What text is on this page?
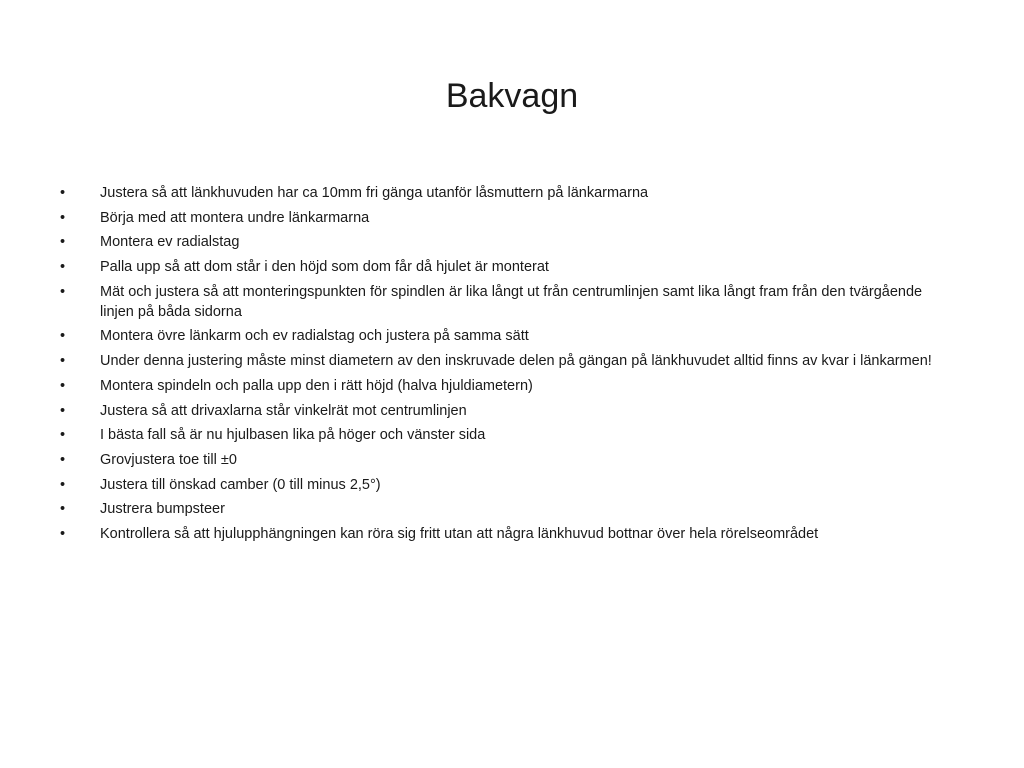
Bakvagn
•	Justera så att länkhuvuden har ca 10mm fri gänga utanför låsmuttern på länkarmarna
•	Börja med att montera undre länkarmarna
•	Montera ev radialstag
•	Palla upp så att dom står i den höjd som dom får då hjulet är monterat
•	Mät och justera så att monteringspunkten för spindlen är lika långt ut från centrumlinjen samt lika långt fram från den tvärgående linjen på båda sidorna
•	Montera övre länkarm och ev radialstag och justera på samma sätt
•	Under denna justering måste minst diametern av den inskruvade delen på gängan på länkhuvudet alltid finns av kvar i länkarmen!
•	Montera spindeln och palla upp den i rätt höjd (halva hjuldiametern)
•	Justera så att drivaxlarna står vinkelrät mot centrumlinjen
•	I bästa fall så är nu hjulbasen lika på höger och vänster sida
•	Grovjustera toe till ±0
•	Justera till önskad camber (0 till minus 2,5°)
•	Justrera bumpsteer
•	Kontrollera så att hjulupphängningen kan röra sig fritt utan att några länkhuvud bottnar över hela rörelseområdet
